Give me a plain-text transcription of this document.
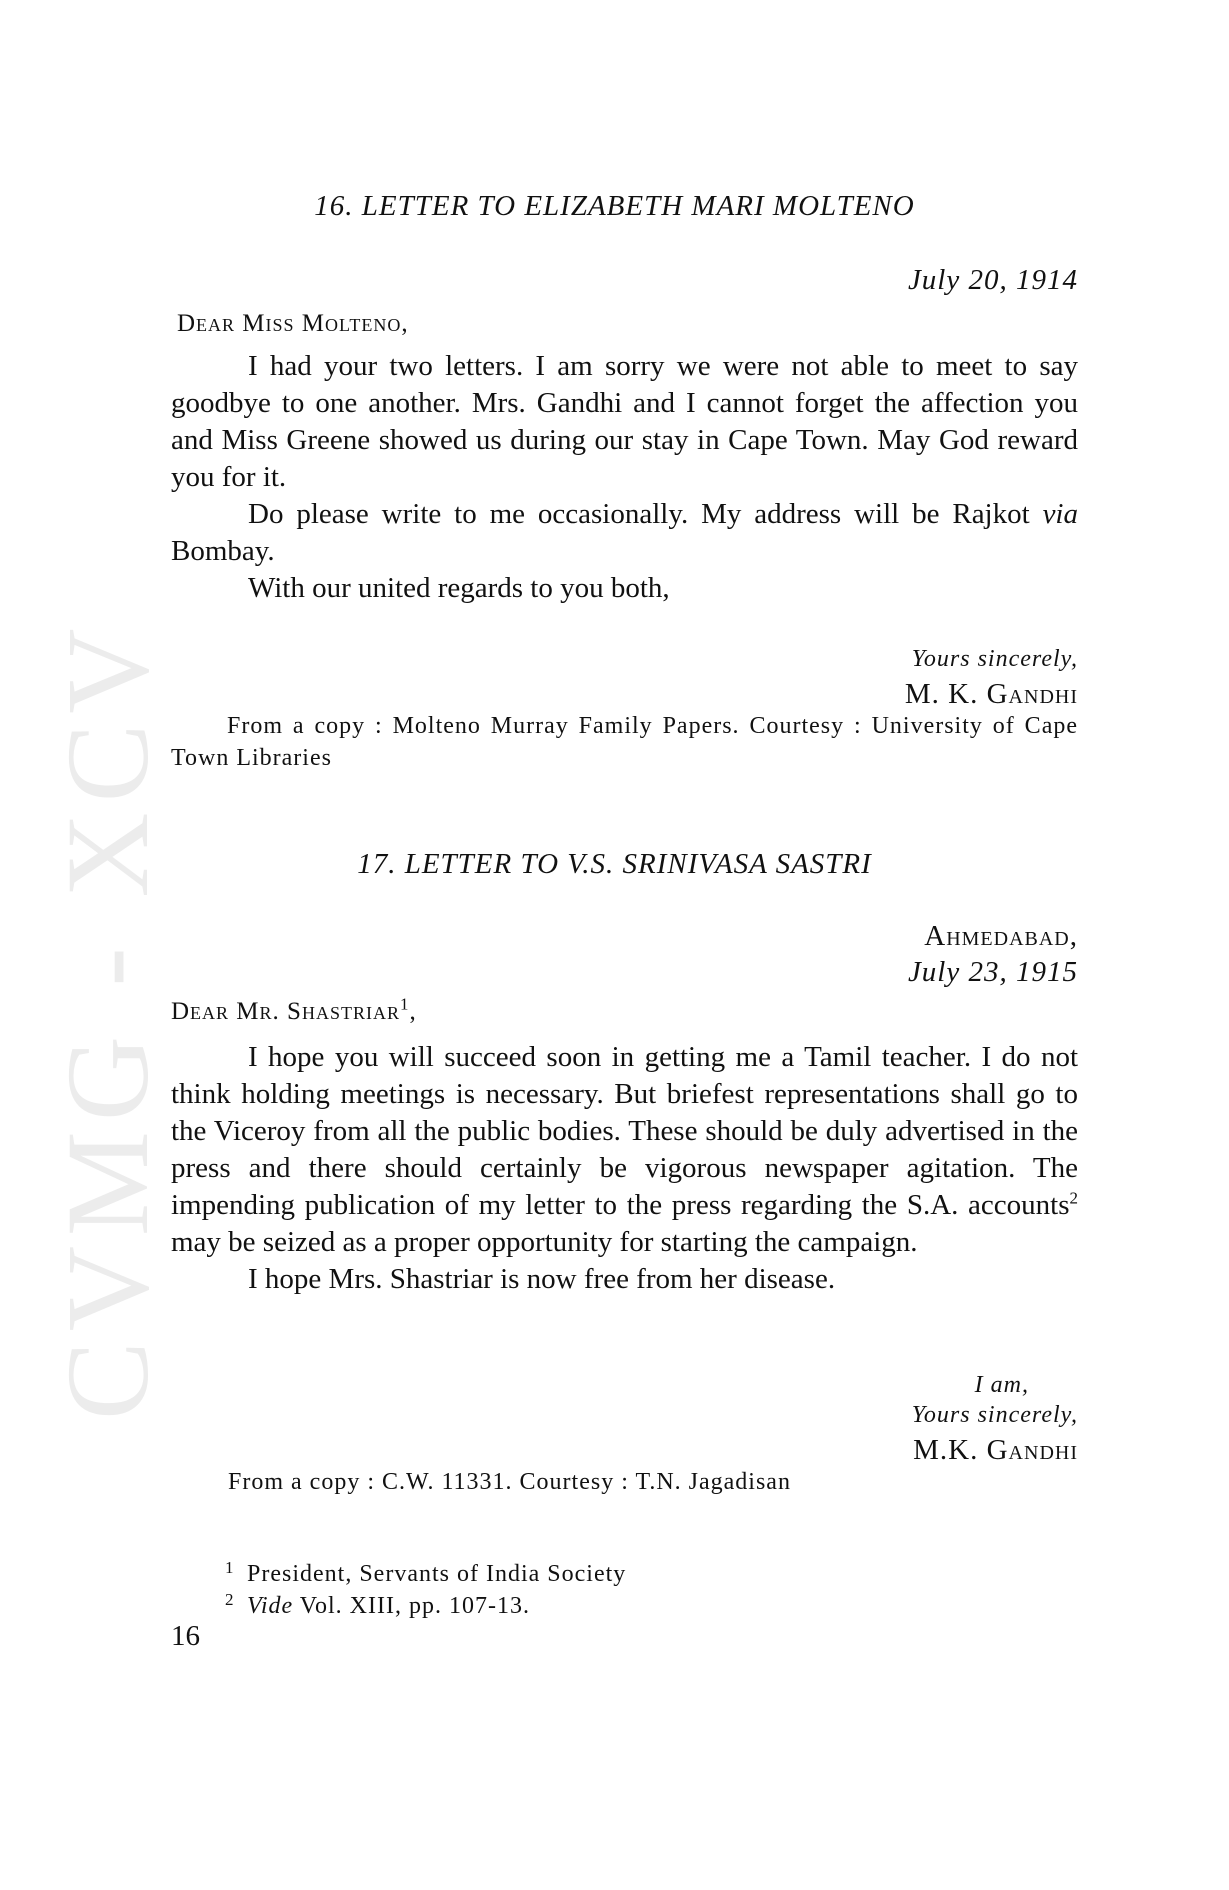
CVMG - XCV
16. LETTER TO ELIZABETH MARI MOLTENO
July 20, 1914
Dear Miss Molteno,

I had your two letters. I am sorry we were not able to meet to say goodbye to one another. Mrs. Gandhi and I cannot forget the affection you and Miss Greene showed us during our stay in Cape Town. May God reward you for it.

Do please write to me occasionally. My address will be Rajkot via Bombay.

With our united regards to you both,

Yours sincerely,
M. K. Gandhi

From a copy : Molteno Murray Family Papers. Courtesy : University of Cape Town Libraries

17. LETTER TO V.S. SRINIVASA SASTRI
Ahmedabad,
July 23, 1915
Dear Mr. Shastriar$^1$,

I hope you will succeed soon in getting me a Tamil teacher. I do not think holding meetings is necessary. But briefest representations shall go to the Viceroy from all the public bodies. These should be duly advertised in the press and there should certainly be vigorous newspaper agitation. The impending publication of my letter to the press regarding the S.A. accounts$^2$ may be seized as a proper opportunity for starting the campaign.

I hope Mrs. Shastriar is now free from her disease.

I am,
Yours sincerely,
M.K. Gandhi
From a copy : C.W. 11331. Courtesy : T.N. Jagadisan
1 President, Servants of India Society
2 Vide Vol. XIII, pp. 107-13.
16
